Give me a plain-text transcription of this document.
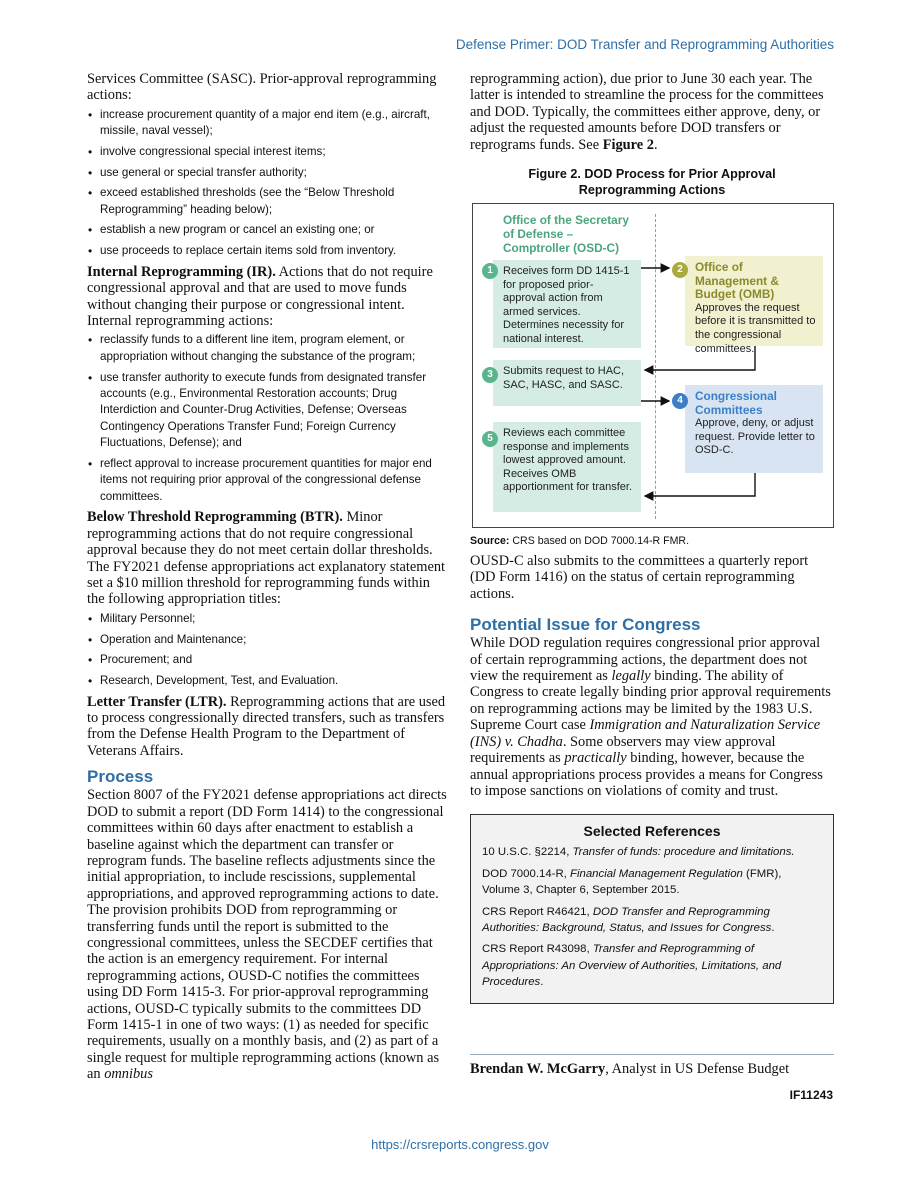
Defense Primer: DOD Transfer and Reprogramming Authorities

Services Committee (SASC). Prior-approval reprogramming actions:

• increase procurement quantity of a major end item (e.g., aircraft, missile, naval vessel);
• involve congressional special interest items;
• use general or special transfer authority;
• exceed established thresholds (see the “Below Threshold Reprogramming” heading below);
• establish a new program or cancel an existing one; or
• use proceeds to replace certain items sold from inventory.

Internal Reprogramming (IR). Actions that do not require congressional approval and that are used to move funds without changing their purpose or congressional intent. Internal reprogramming actions:

• reclassify funds to a different line item, program element, or appropriation without changing the substance of the program;
• use transfer authority to execute funds from designated transfer accounts (e.g., Environmental Restoration accounts; Drug Interdiction and Counter-Drug Activities, Defense; Overseas Contingency Operations Transfer Fund; Foreign Currency Fluctuations, Defense); and
• reflect approval to increase procurement quantities for major end items not requiring prior approval of the congressional defense committees.

Below Threshold Reprogramming (BTR). Minor reprogramming actions that do not require congressional approval because they do not meet certain dollar thresholds. The FY2021 defense appropriations act explanatory statement set a $10 million threshold for reprogramming funds within the following appropriation titles:

• Military Personnel;
• Operation and Maintenance;
• Procurement; and
• Research, Development, Test, and Evaluation.

Letter Transfer (LTR). Reprogramming actions that are used to process congressionally directed transfers, such as transfers from the Defense Health Program to the Department of Veterans Affairs.

Process

Section 8007 of the FY2021 defense appropriations act directs DOD to submit a report (DD Form 1414) to the congressional committees within 60 days after enactment to establish a baseline against which the department can transfer or reprogram funds. The baseline reflects adjustments since the initial appropriation, to include rescissions, supplemental appropriations, and approved reprogramming actions to date. The provision prohibits DOD from reprogramming or transferring funds until the report is submitted to the congressional committees, unless the SECDEF certifies that the action is an emergency requirement. For internal reprogramming actions, OUSD-C notifies the committees using DD Form 1415-3. For prior-approval reprogramming actions, OUSD-C typically submits to the committees DD Form 1415-1 in one of two ways: (1) as needed for specific requirements, usually on a monthly basis, and (2) as part of a single request for multiple reprogramming actions (known as an omnibus

reprogramming action), due prior to June 30 each year. The latter is intended to streamline the process for the committees and DOD. Typically, the committees either approve, deny, or adjust the requested amounts before DOD transfers or reprograms funds. See Figure 2.

Figure 2. DOD Process for Prior Approval Reprogramming Actions
Office of the Secretary of Defense – Comptroller (OSD-C)
Receives form DD 1415-1 for proposed prior-approval action from armed services. Determines necessity for national interest.
1	Office of Management & Budget (OMB)
Approves the request before it is transmitted to the congressional committees.
2
Submits request to HAC, SAC, HASC, and SASC.
3
Congressional Committees
Approve, deny, or adjust request. Provide letter to OSD-C.
4
Reviews each committee response and implements lowest approved amount. Receives OMB apportionment for transfer.
5
Source: CRS based on DOD 7000.14-R FMR.

OUSD-C also submits to the committees a quarterly report (DD Form 1416) on the status of certain reprogramming actions.

Potential Issue for Congress

While DOD regulation requires congressional prior approval of certain reprogramming actions, the department does not view the requirement as legally binding. The ability of Congress to create legally binding prior approval requirements on reprogramming actions may be limited by the 1983 U.S. Supreme Court case Immigration and Naturalization Service (INS) v. Chadha. Some observers may view approval requirements as practically binding, however, because the annual appropriations process provides a means for Congress to impose sanctions on violations of comity and trust.

Selected References
10 U.S.C. §2214, Transfer of funds: procedure and limitations.
DOD 7000.14-R, Financial Management Regulation (FMR), Volume 3, Chapter 6, September 2015.
CRS Report R46421, DOD Transfer and Reprogramming Authorities: Background, Status, and Issues for Congress.
CRS Report R43098, Transfer and Reprogramming of Appropriations: An Overview of Authorities, Limitations, and Procedures.
Brendan W. McGarry, Analyst in US Defense Budget
IF11243
https://crsreports.congress.gov
